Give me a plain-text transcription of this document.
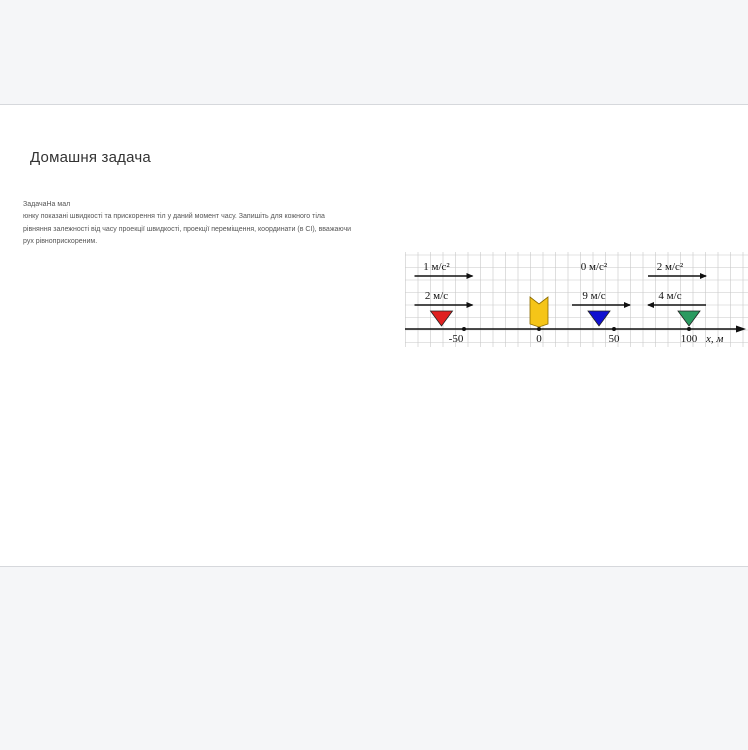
Домашня задача
ЗадачаНа мал
юнку показані швидкості та прискорення тіл у даний момент часу. Запишіть для кожного тіла
рівняння залежності від часу проекції швидкості, проекції переміщення, координати (в СІ), вважаючи
рух рівноприскореним.
-50	0	50	100 x, м
1 м/с²
2 м/с
0 м/с²
9 м/с
2 м/с²
4 м/с
